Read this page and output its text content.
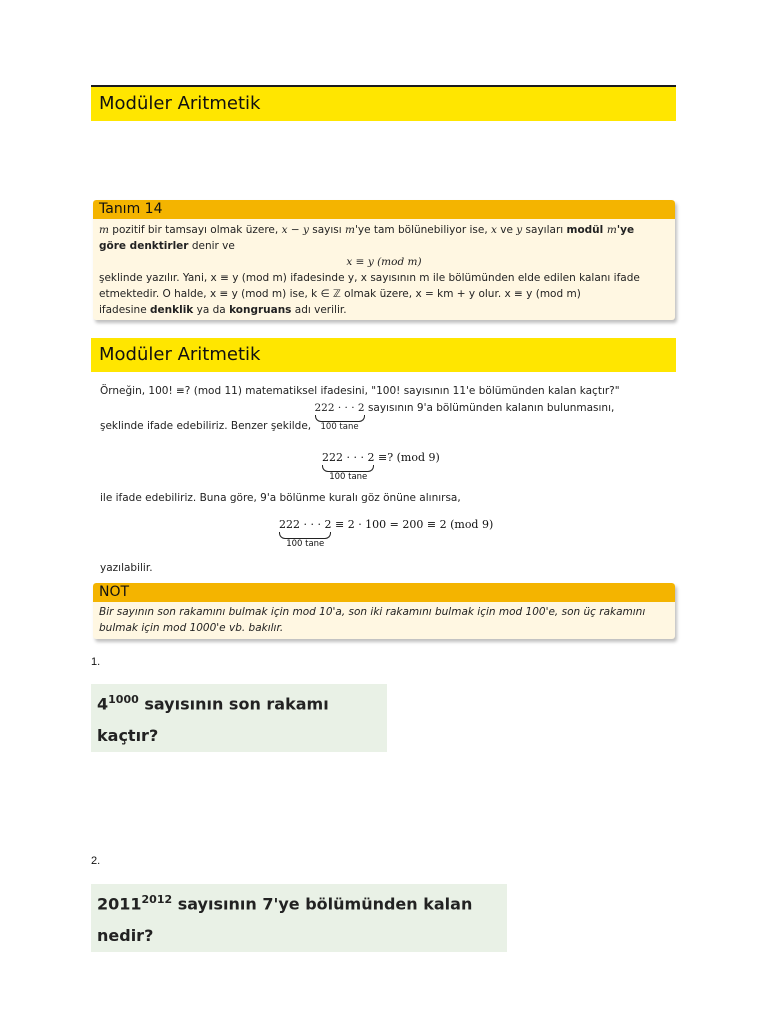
Modüler Aritmetik
Tanım 14
m pozitif bir tamsayı olmak üzere, x − y sayısı m'ye tam bölünebiliyor ise, x ve y sayıları modül m'ye
göre denktirler denir ve
x ≡ y (mod m)
şeklinde yazılır. Yani, x ≡ y (mod m) ifadesinde y, x sayısının m ile bölümünden elde edilen kalanı ifade
etmektedir. O halde, x ≡ y (mod m) ise, k ∈ ℤ olmak üzere, x = km + y olur. x ≡ y (mod m)
ifadesine denklik ya da kongruans adı verilir.
Modüler Aritmetik
Örneğin, 100! ≡? (mod 11) matematiksel ifadesini, "100! sayısının 11'e bölümünden kalan kaçtır?"
şeklinde ifade edebiliriz. Benzer şekilde, 222 · · · 2
100 tane
sayısının 9'a bölümünden kalanın bulunmasını,
222 · · · 2
100 tane
≡? (mod 9)
ile ifade edebiliriz. Buna göre, 9'a bölünme kuralı göz önüne alınırsa,
222 · · · 2
100 tane
≡ 2 · 100 = 200 ≡ 2 (mod 9)
yazılabilir.
NOT
Bir sayının son rakamını bulmak için mod 10'a, son iki rakamını bulmak için mod 100'e, son üç rakamını
bulmak için mod 1000'e vb. bakılır.
1.
$4^{1000}$ sayısının son rakamı kaçtır?
2.
$2011^{2012}$ sayısının 7'ye bölümünden kalan nedir?
